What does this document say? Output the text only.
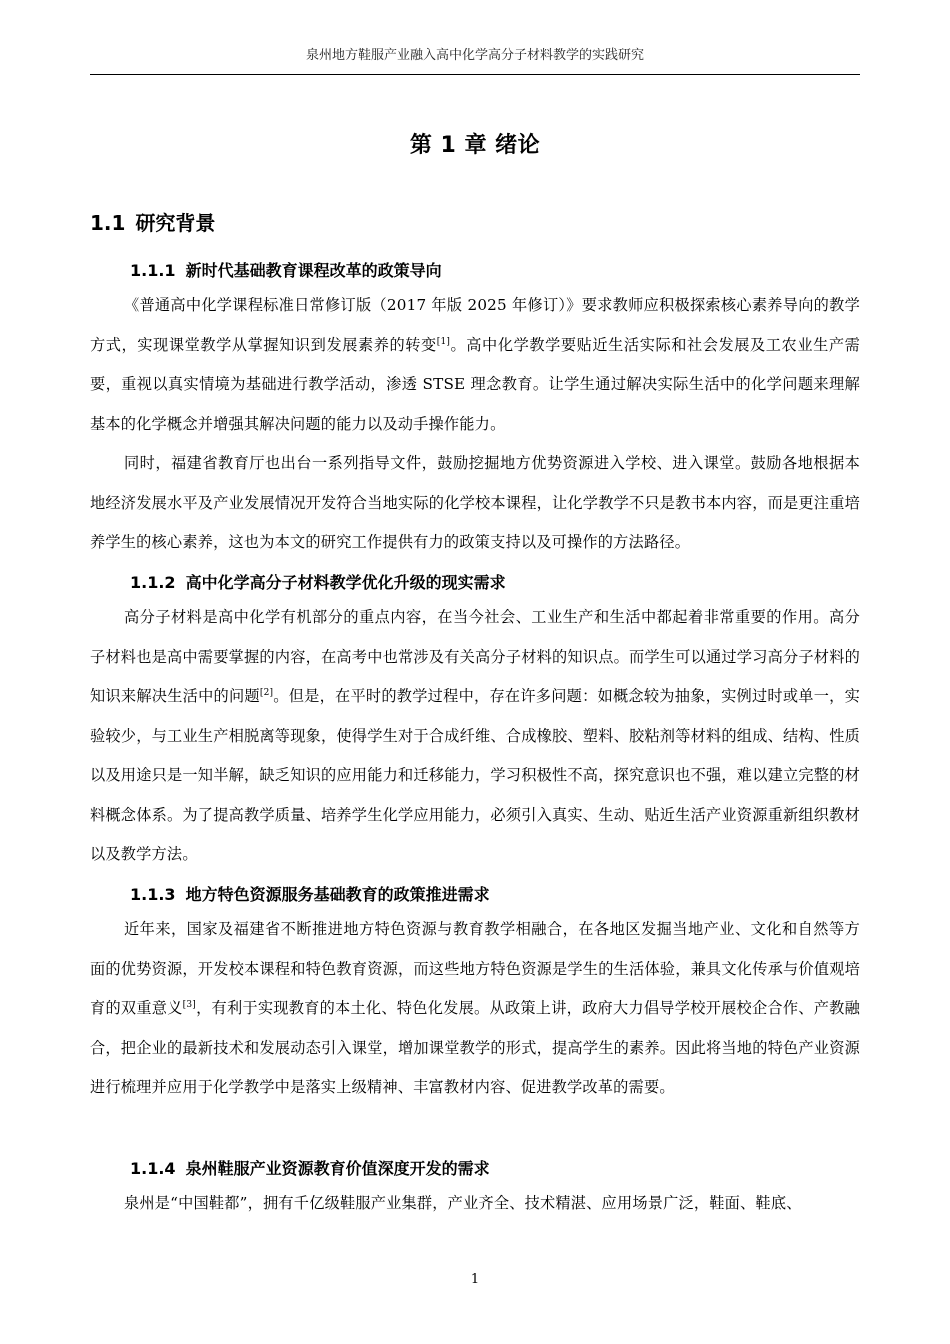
泉州地方鞋服产业融入高中化学高分子材料教学的实践研究
第 1 章 绪论
1.1 研究背景
1.1.1 新时代基础教育课程改革的政策导向

《普通高中化学课程标准日常修订版（2017 年版 2025 年修订）》要求教师应积极探索核心素养导向的教学方式，实现课堂教学从掌握知识到发展素养的转变[1]。高中化学教学要贴近生活实际和社会发展及工农业生产需要，重视以真实情境为基础进行教学活动，渗透 STSE 理念教育。让学生通过解决实际生活中的化学问题来理解基本的化学概念并增强其解决问题的能力以及动手操作能力。

同时，福建省教育厅也出台一系列指导文件，鼓励挖掘地方优势资源进入学校、进入课堂。鼓励各地根据本地经济发展水平及产业发展情况开发符合当地实际的化学校本课程，让化学教学不只是教书本内容，而是更注重培养学生的核心素养，这也为本文的研究工作提供有力的政策支持以及可操作的方法路径。

1.1.2 高中化学高分子材料教学优化升级的现实需求

高分子材料是高中化学有机部分的重点内容，在当今社会、工业生产和生活中都起着非常重要的作用。高分子材料也是高中需要掌握的内容，在高考中也常涉及有关高分子材料的知识点。而学生可以通过学习高分子材料的知识来解决生活中的问题[2]。但是，在平时的教学过程中，存在许多问题：如概念较为抽象，实例过时或单一，实验较少，与工业生产相脱离等现象，使得学生对于合成纤维、合成橡胶、塑料、胶粘剂等材料的组成、结构、性质以及用途只是一知半解，缺乏知识的应用能力和迁移能力，学习积极性不高，探究意识也不强，难以建立完整的材料概念体系。为了提高教学质量、培养学生化学应用能力，必须引入真实、生动、贴近生活产业资源重新组织教材以及教学方法。

1.1.3 地方特色资源服务基础教育的政策推进需求

近年来，国家及福建省不断推进地方特色资源与教育教学相融合，在各地区发掘当地产业、文化和自然等方面的优势资源，开发校本课程和特色教育资源，而这些地方特色资源是学生的生活体验，兼具文化传承与价值观培育的双重意义[3]，有利于实现教育的本土化、特色化发展。从政策上讲，政府大力倡导学校开展校企合作、产教融合，把企业的最新技术和发展动态引入课堂，增加课堂教学的形式，提高学生的素养。因此将当地的特色产业资源进行梳理并应用于化学教学中是落实上级精神、丰富教材内容、促进教学改革的需要。

1.1.4 泉州鞋服产业资源教育价值深度开发的需求

泉州是“中国鞋都”，拥有千亿级鞋服产业集群，产业齐全、技术精湛、应用场景广泛，鞋面、鞋底、

1
